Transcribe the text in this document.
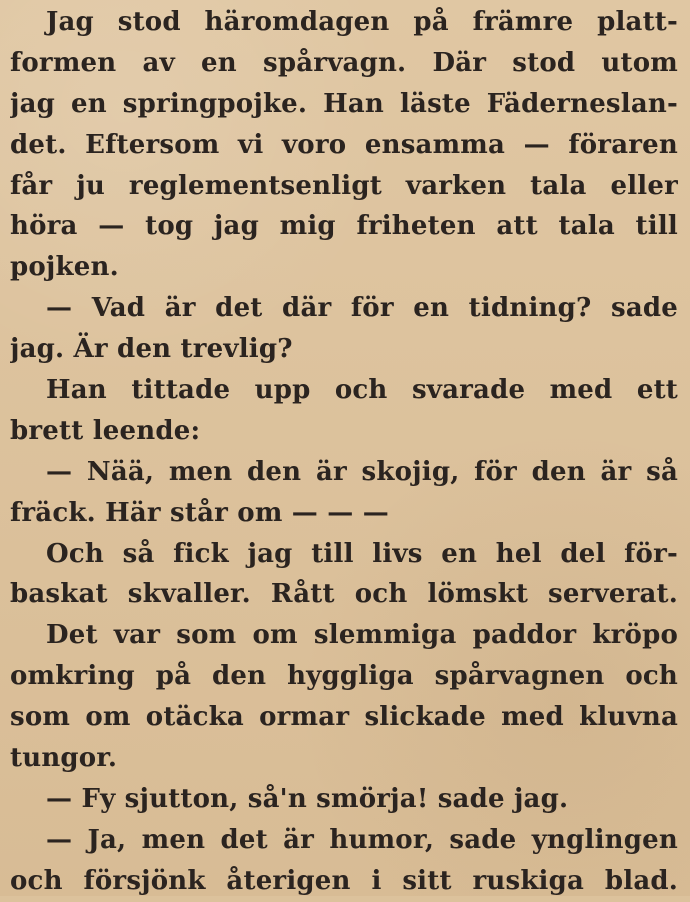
Jag stod häromdagen på främre platt-
formen av en spårvagn. Där stod utom
jag en springpojke. Han läste Fäderneslan-
det. Eftersom vi voro ensamma — föraren
får ju reglementsenligt varken tala eller
höra — tog jag mig friheten att tala till
pojken.
— Vad är det där för en tidning? sade
jag. Är den trevlig?
Han tittade upp och svarade med ett
brett leende:
— Nää, men den är skojig, för den är så
fräck. Här står om — — —
Och så fick jag till livs en hel del för-
baskat skvaller. Rått och lömskt serverat.
Det var som om slemmiga paddor kröpo
omkring på den hyggliga spårvagnen och
som om otäcka ormar slickade med kluvna
tungor.
— Fy sjutton, så'n smörja! sade jag.
— Ja, men det är humor, sade ynglingen
och försjönk återigen i sitt ruskiga blad.
